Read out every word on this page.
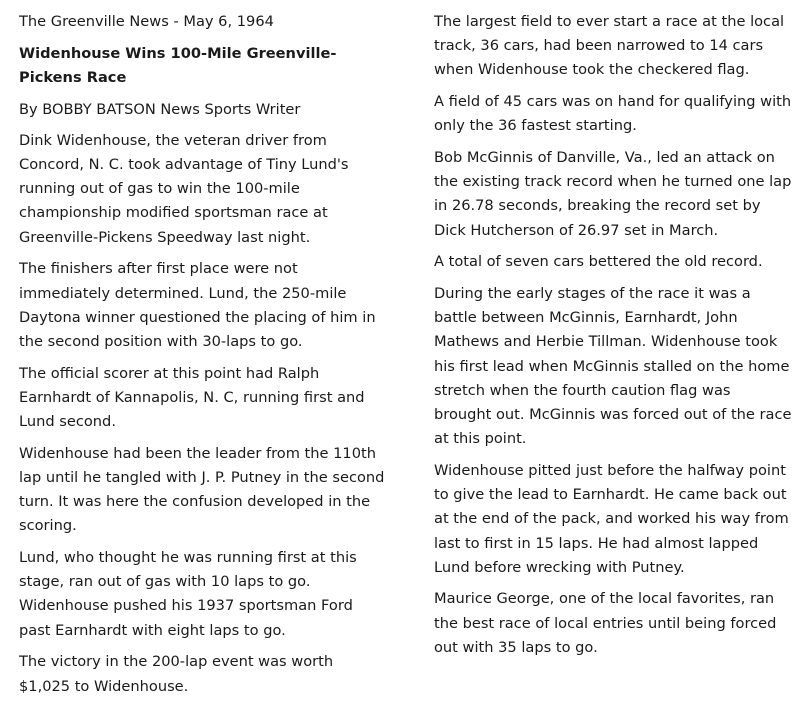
The Greenville News - May 6, 1964

Widenhouse Wins 100-Mile Greenville-Pickens Race

By BOBBY BATSON News Sports Writer

Dink Widenhouse, the veteran driver from Concord, N. C. took advantage of Tiny Lund's running out of gas to win the 100-mile championship modified sportsman race at Greenville-Pickens Speedway last night.

The finishers after first place were not immediately determined. Lund, the 250-mile Daytona winner questioned the placing of him in the second position with 30-laps to go.

The official scorer at this point had Ralph Earnhardt of Kannapolis, N. C, running first and Lund second.

Widenhouse had been the leader from the 110th lap until he tangled with J. P. Putney in the second turn. It was here the confusion developed in the scoring.

Lund, who thought he was running first at this stage, ran out of gas with 10 laps to go. Widenhouse pushed his 1937 sportsman Ford past Earnhardt with eight laps to go.

The victory in the 200-lap event was worth $1,025 to Widenhouse.

The largest field to ever start a race at the local track, 36 cars, had been narrowed to 14 cars when Widenhouse took the checkered flag.

A field of 45 cars was on hand for qualifying with only the 36 fastest starting.

Bob McGinnis of Danville, Va., led an attack on the existing track record when he turned one lap in 26.78 seconds, breaking the record set by Dick Hutcherson of 26.97 set in March.

A total of seven cars bettered the old record.

During the early stages of the race it was a battle between McGinnis, Earnhardt, John Mathews and Herbie Tillman. Widenhouse took his first lead when McGinnis stalled on the home stretch when the fourth caution flag was brought out. McGinnis was forced out of the race at this point.

Widenhouse pitted just before the halfway point to give the lead to Earnhardt. He came back out at the end of the pack, and worked his way from last to first in 15 laps. He had almost lapped Lund before wrecking with Putney.

Maurice George, one of the local favorites, ran the best race of local entries until being forced out with 35 laps to go.
